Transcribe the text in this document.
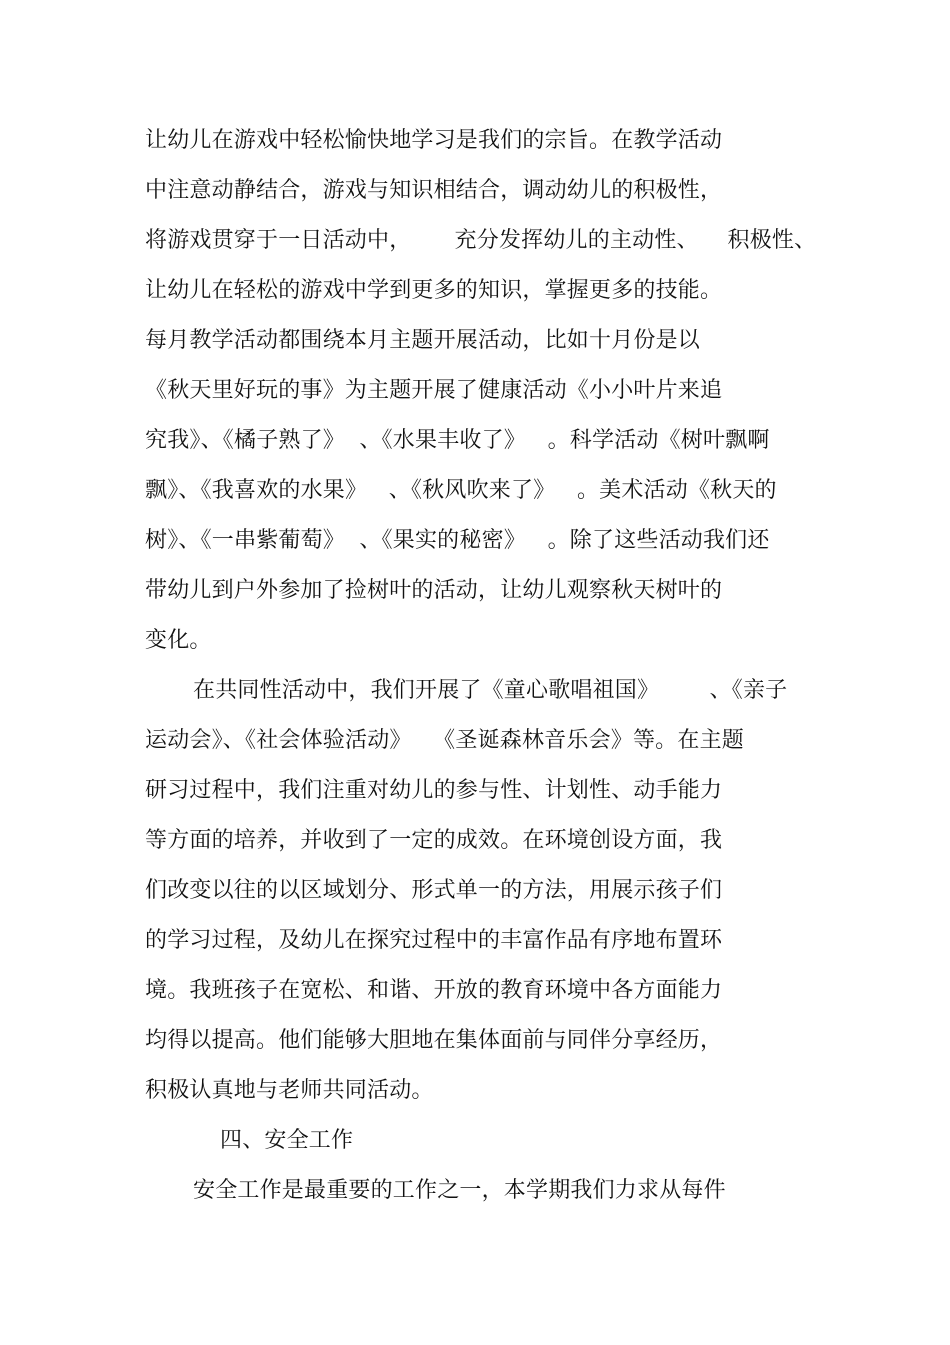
让幼儿在游戏中轻松愉快地学习是我们的宗旨。在教学活动
中注意动静结合，游戏与知识相结合，调动幼儿的积极性，
将游戏贯穿于一日活动中，      充分发挥幼儿的主动性、    积极性、
让幼儿在轻松的游戏中学到更多的知识，掌握更多的技能。
每月教学活动都围绕本月主题开展活动，比如十月份是以
《秋天里好玩的事》为主题开展了健康活动《小小叶片来追
究我》、《橘子熟了》  、《水果丰收了》   。科学活动《树叶飘啊
飘》、《我喜欢的水果》   、《秋风吹来了》   。美术活动《秋天的
树》、《一串紫葡萄》  、《果实的秘密》   。除了这些活动我们还
带幼儿到户外参加了捡树叶的活动，让幼儿观察秋天树叶的
变化。
在共同性活动中，我们开展了《童心歌唱祖国》       、《亲子
运动会》、《社会体验活动》   《圣诞森林音乐会》等。在主题
研习过程中，我们注重对幼儿的参与性、计划性、动手能力
等方面的培养，并收到了一定的成效。在环境创设方面，我
们改变以往的以区域划分、形式单一的方法，用展示孩子们
的学习过程，及幼儿在探究过程中的丰富作品有序地布置环
境。我班孩子在宽松、和谐、开放的教育环境中各方面能力
均得以提高。他们能够大胆地在集体面前与同伴分享经历，
积极认真地与老师共同活动。
四、安全工作
安全工作是最重要的工作之一，本学期我们力求从每件
